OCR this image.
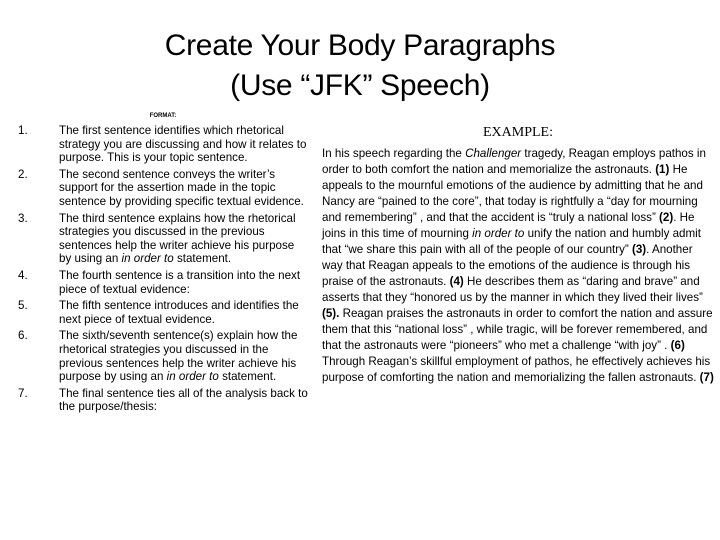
Create Your Body Paragraphs
(Use “JFK” Speech)
FORMAT:
1.	The first sentence identifies which rhetorical strategy you are discussing and how it relates to purpose. This is your topic sentence.
2.	The second sentence conveys the writer’s support for the assertion made in the topic sentence by providing specific textual evidence.
3.	The third sentence explains how the rhetorical strategies you discussed in the previous sentences help the writer achieve his purpose by using an in order to statement.
4.	The fourth sentence is a transition into the next piece of textual evidence:
5.	The fifth sentence introduces and identifies the next piece of textual evidence.
6.	The sixth/seventh sentence(s) explain how the rhetorical strategies you discussed in the previous sentences help the writer achieve his purpose by using an in order to statement.
7.	The final sentence ties all of the analysis back to the purpose/thesis:
EXAMPLE:

In his speech regarding the Challenger tragedy, Reagan employs pathos in order to both comfort the nation and memorialize the astronauts. (1) He appeals to the mournful emotions of the audience by admitting that he and Nancy are “pained to the core”, that today is rightfully a “day for mourning and remembering” , and that the accident is “truly a national loss” (2). He joins in this time of mourning in order to unify the nation and humbly admit that “we share this pain with all of the people of our country” (3). Another way that Reagan appeals to the emotions of the audience is through his praise of the astronauts. (4) He describes them as “daring and brave” and asserts that they “honored us by the manner in which they lived their lives” (5). Reagan praises the astronauts in order to comfort the nation and assure them that this “national loss” , while tragic, will be forever remembered, and that the astronauts were “pioneers” who met a challenge “with joy” . (6) Through Reagan’s skillful employment of pathos, he effectively achieves his purpose of comforting the nation and memorializing the fallen astronauts. (7)
